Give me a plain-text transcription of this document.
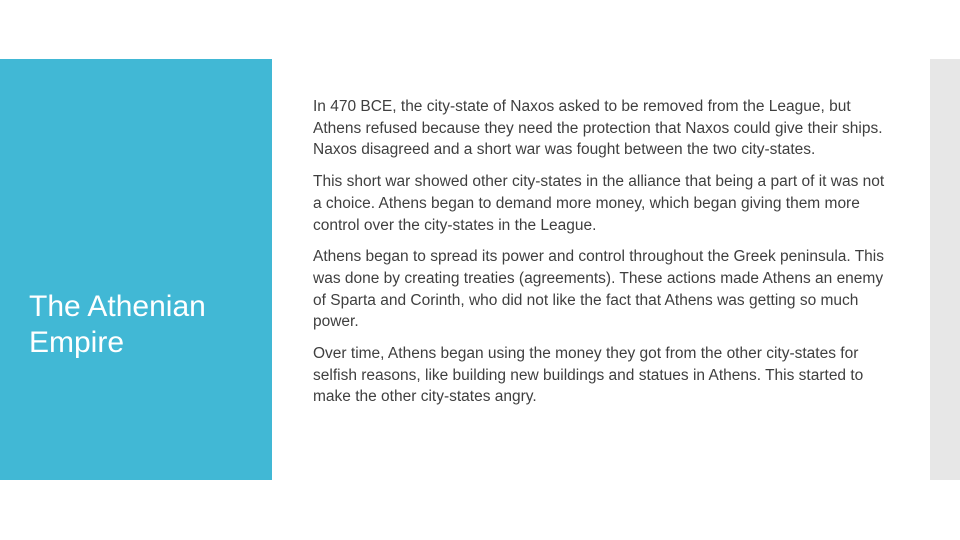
The Athenian Empire

In 470 BCE, the city-state of Naxos asked to be removed from the League, but Athens refused because they need the protection that Naxos could give their ships. Naxos disagreed and a short war was fought between the two city-states.

This short war showed other city-states in the alliance that being a part of it was not a choice. Athens began to demand more money, which began giving them more control over the city-states in the League.

Athens began to spread its power and control throughout the Greek peninsula. This was done by creating treaties (agreements). These actions made Athens an enemy of Sparta and Corinth, who did not like the fact that Athens was getting so much power.

Over time, Athens began using the money they got from the other city-states for selfish reasons, like building new buildings and statues in Athens. This started to make the other city-states angry.
